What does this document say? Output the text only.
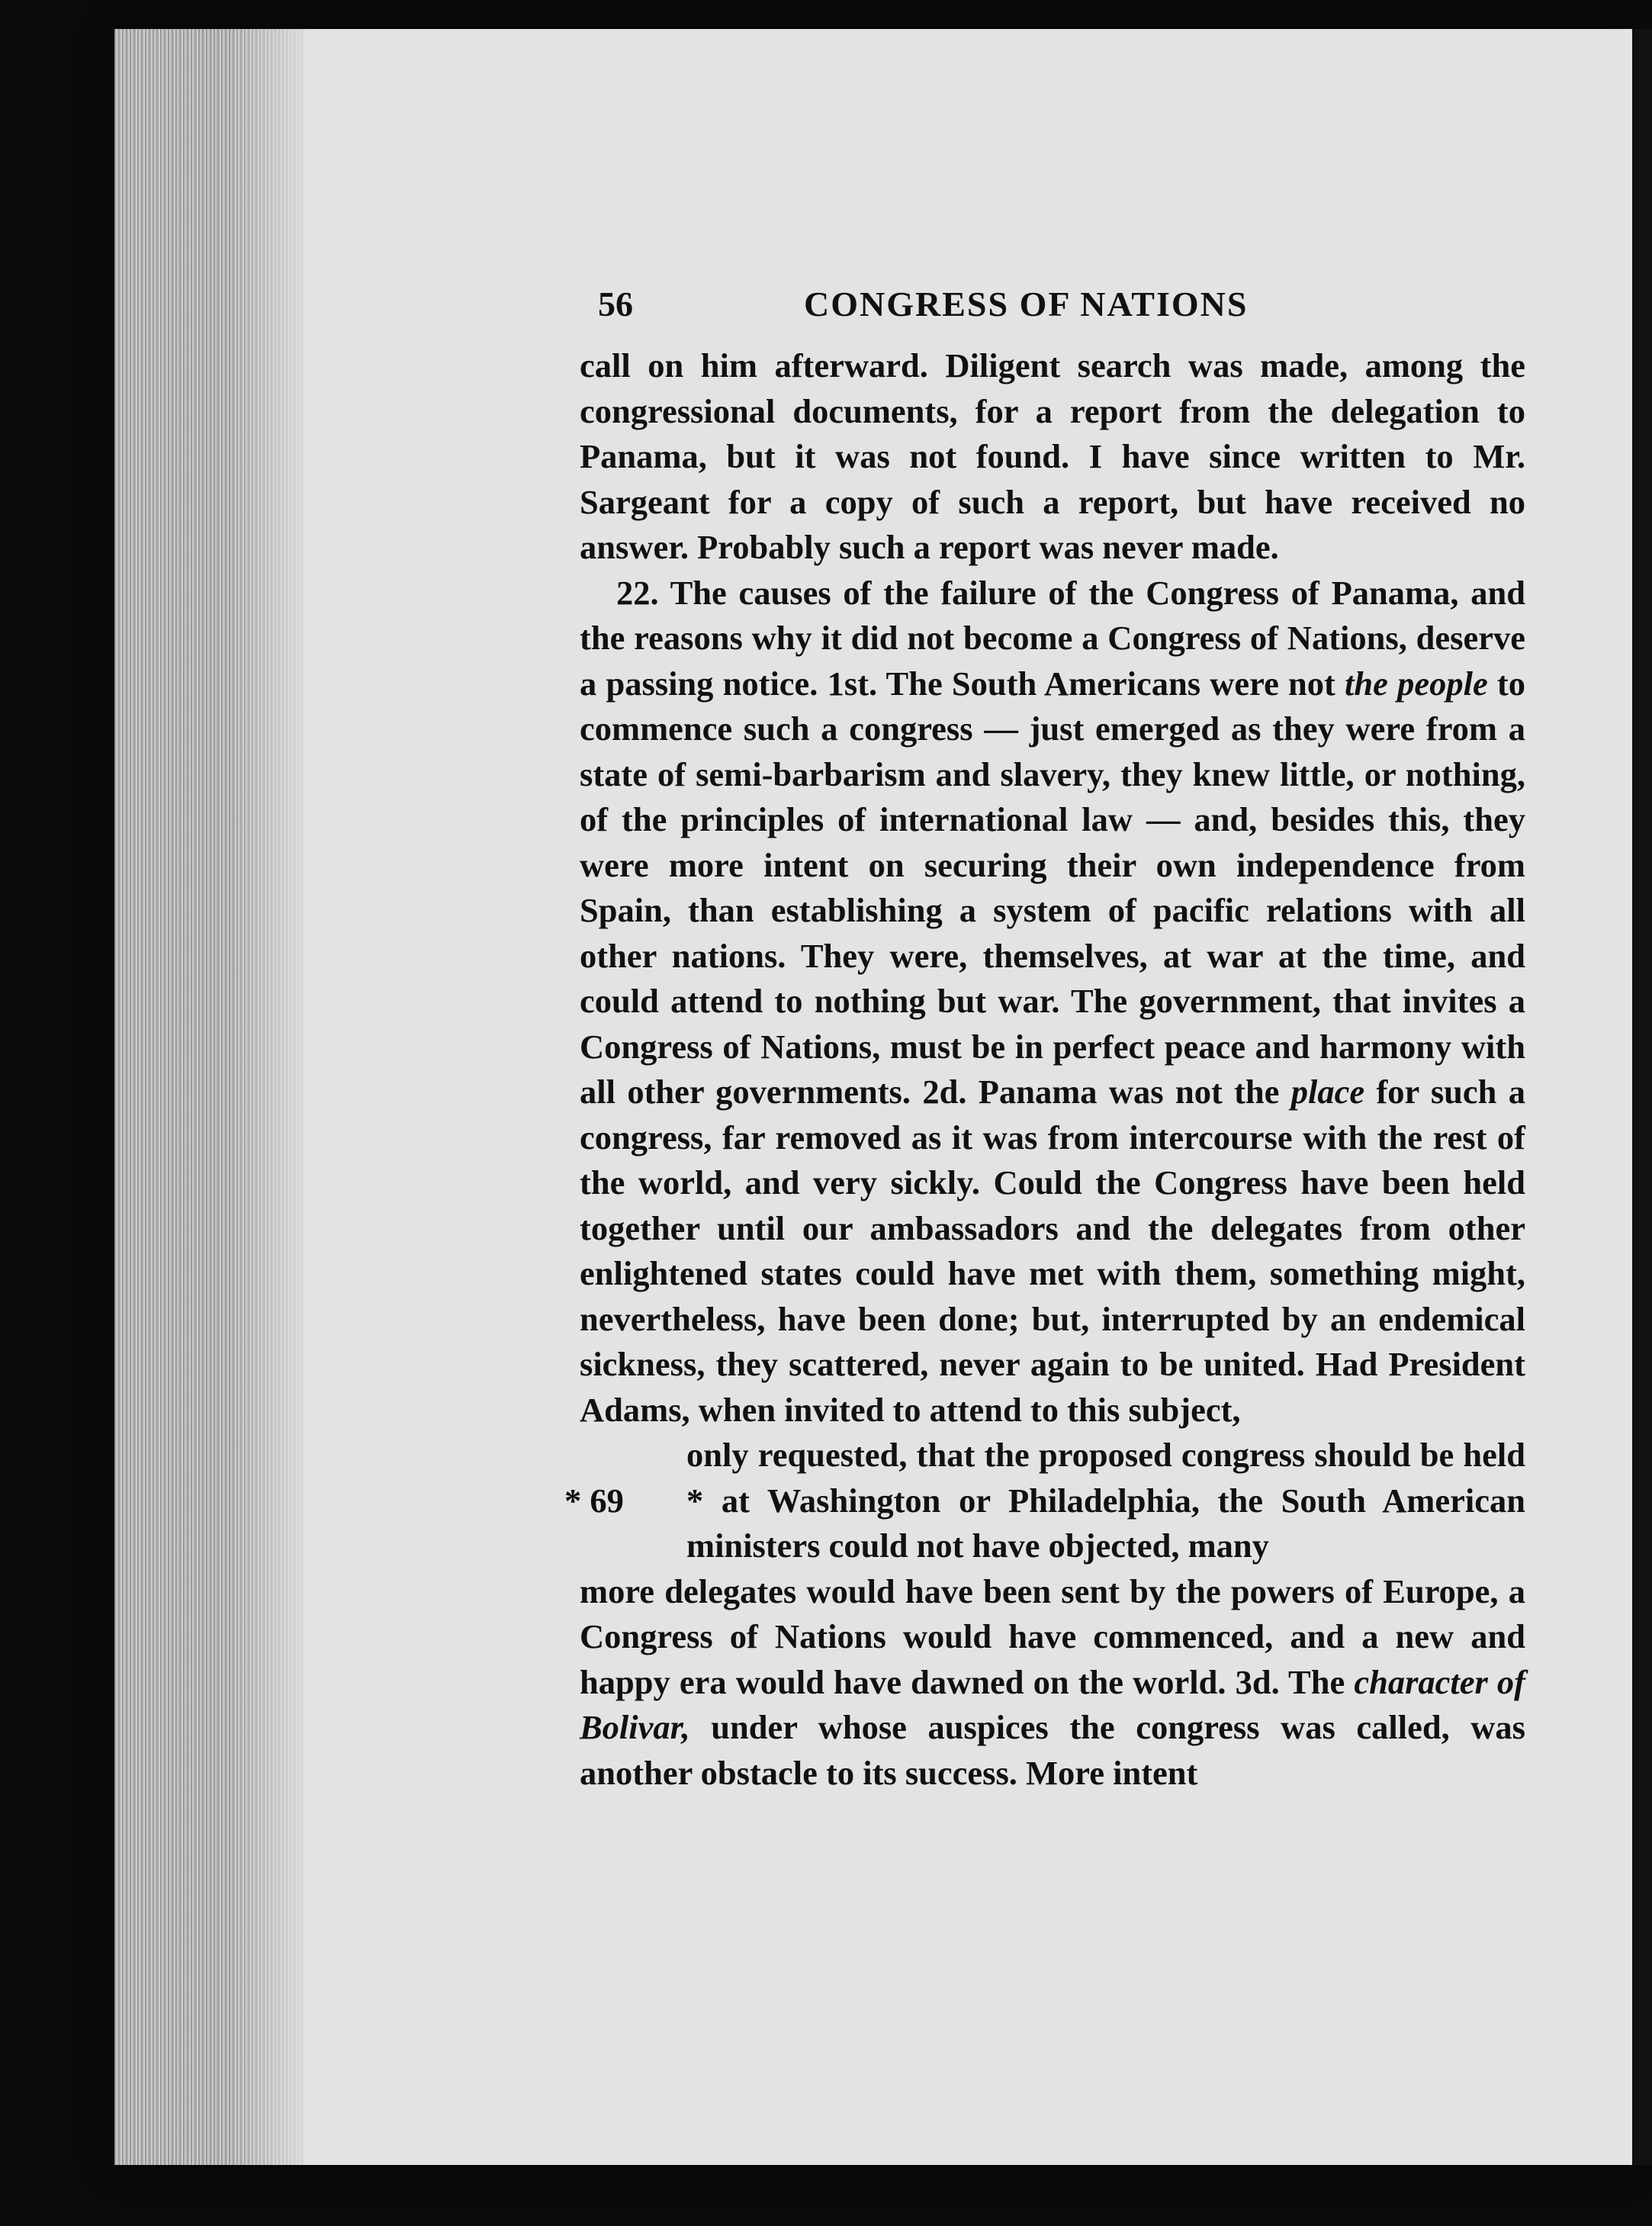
56	CONGRESS OF NATIONS

call on him afterward. Diligent search was made, among the congressional documents, for a report from the delegation to Panama, but it was not found. I have since written to Mr. Sargeant for a copy of such a report, but have received no answer. Probably such a report was never made.

22. The causes of the failure of the Congress of Panama, and the reasons why it did not become a Congress of Nations, deserve a passing notice. 1st. The South Americans were not the people to commence such a congress — just emerged as they were from a state of semi-barbarism and slavery, they knew little, or nothing, of the principles of international law — and, besides this, they were more intent on securing their own independence from Spain, than establishing a system of pacific relations with all other nations. They were, themselves, at war at the time, and could attend to nothing but war. The government, that invites a Congress of Nations, must be in perfect peace and harmony with all other governments. 2d. Panama was not the place for such a congress, far removed as it was from intercourse with the rest of the world, and very sickly. Could the Congress have been held together until our ambassadors and the delegates from other enlightened states could have met with them, something might, nevertheless, have been done; but, interrupted by an endemical sickness, they scattered, never again to be united. Had President Adams, when invited to attend to this subject,

* 69
only requested, that the proposed congress should be held * at Washington or Philadelphia, the South American ministers could not have objected, many

more delegates would have been sent by the powers of Europe, a Congress of Nations would have commenced, and a new and happy era would have dawned on the world. 3d. The character of Bolivar, under whose auspices the congress was called, was another obstacle to its success. More intent
